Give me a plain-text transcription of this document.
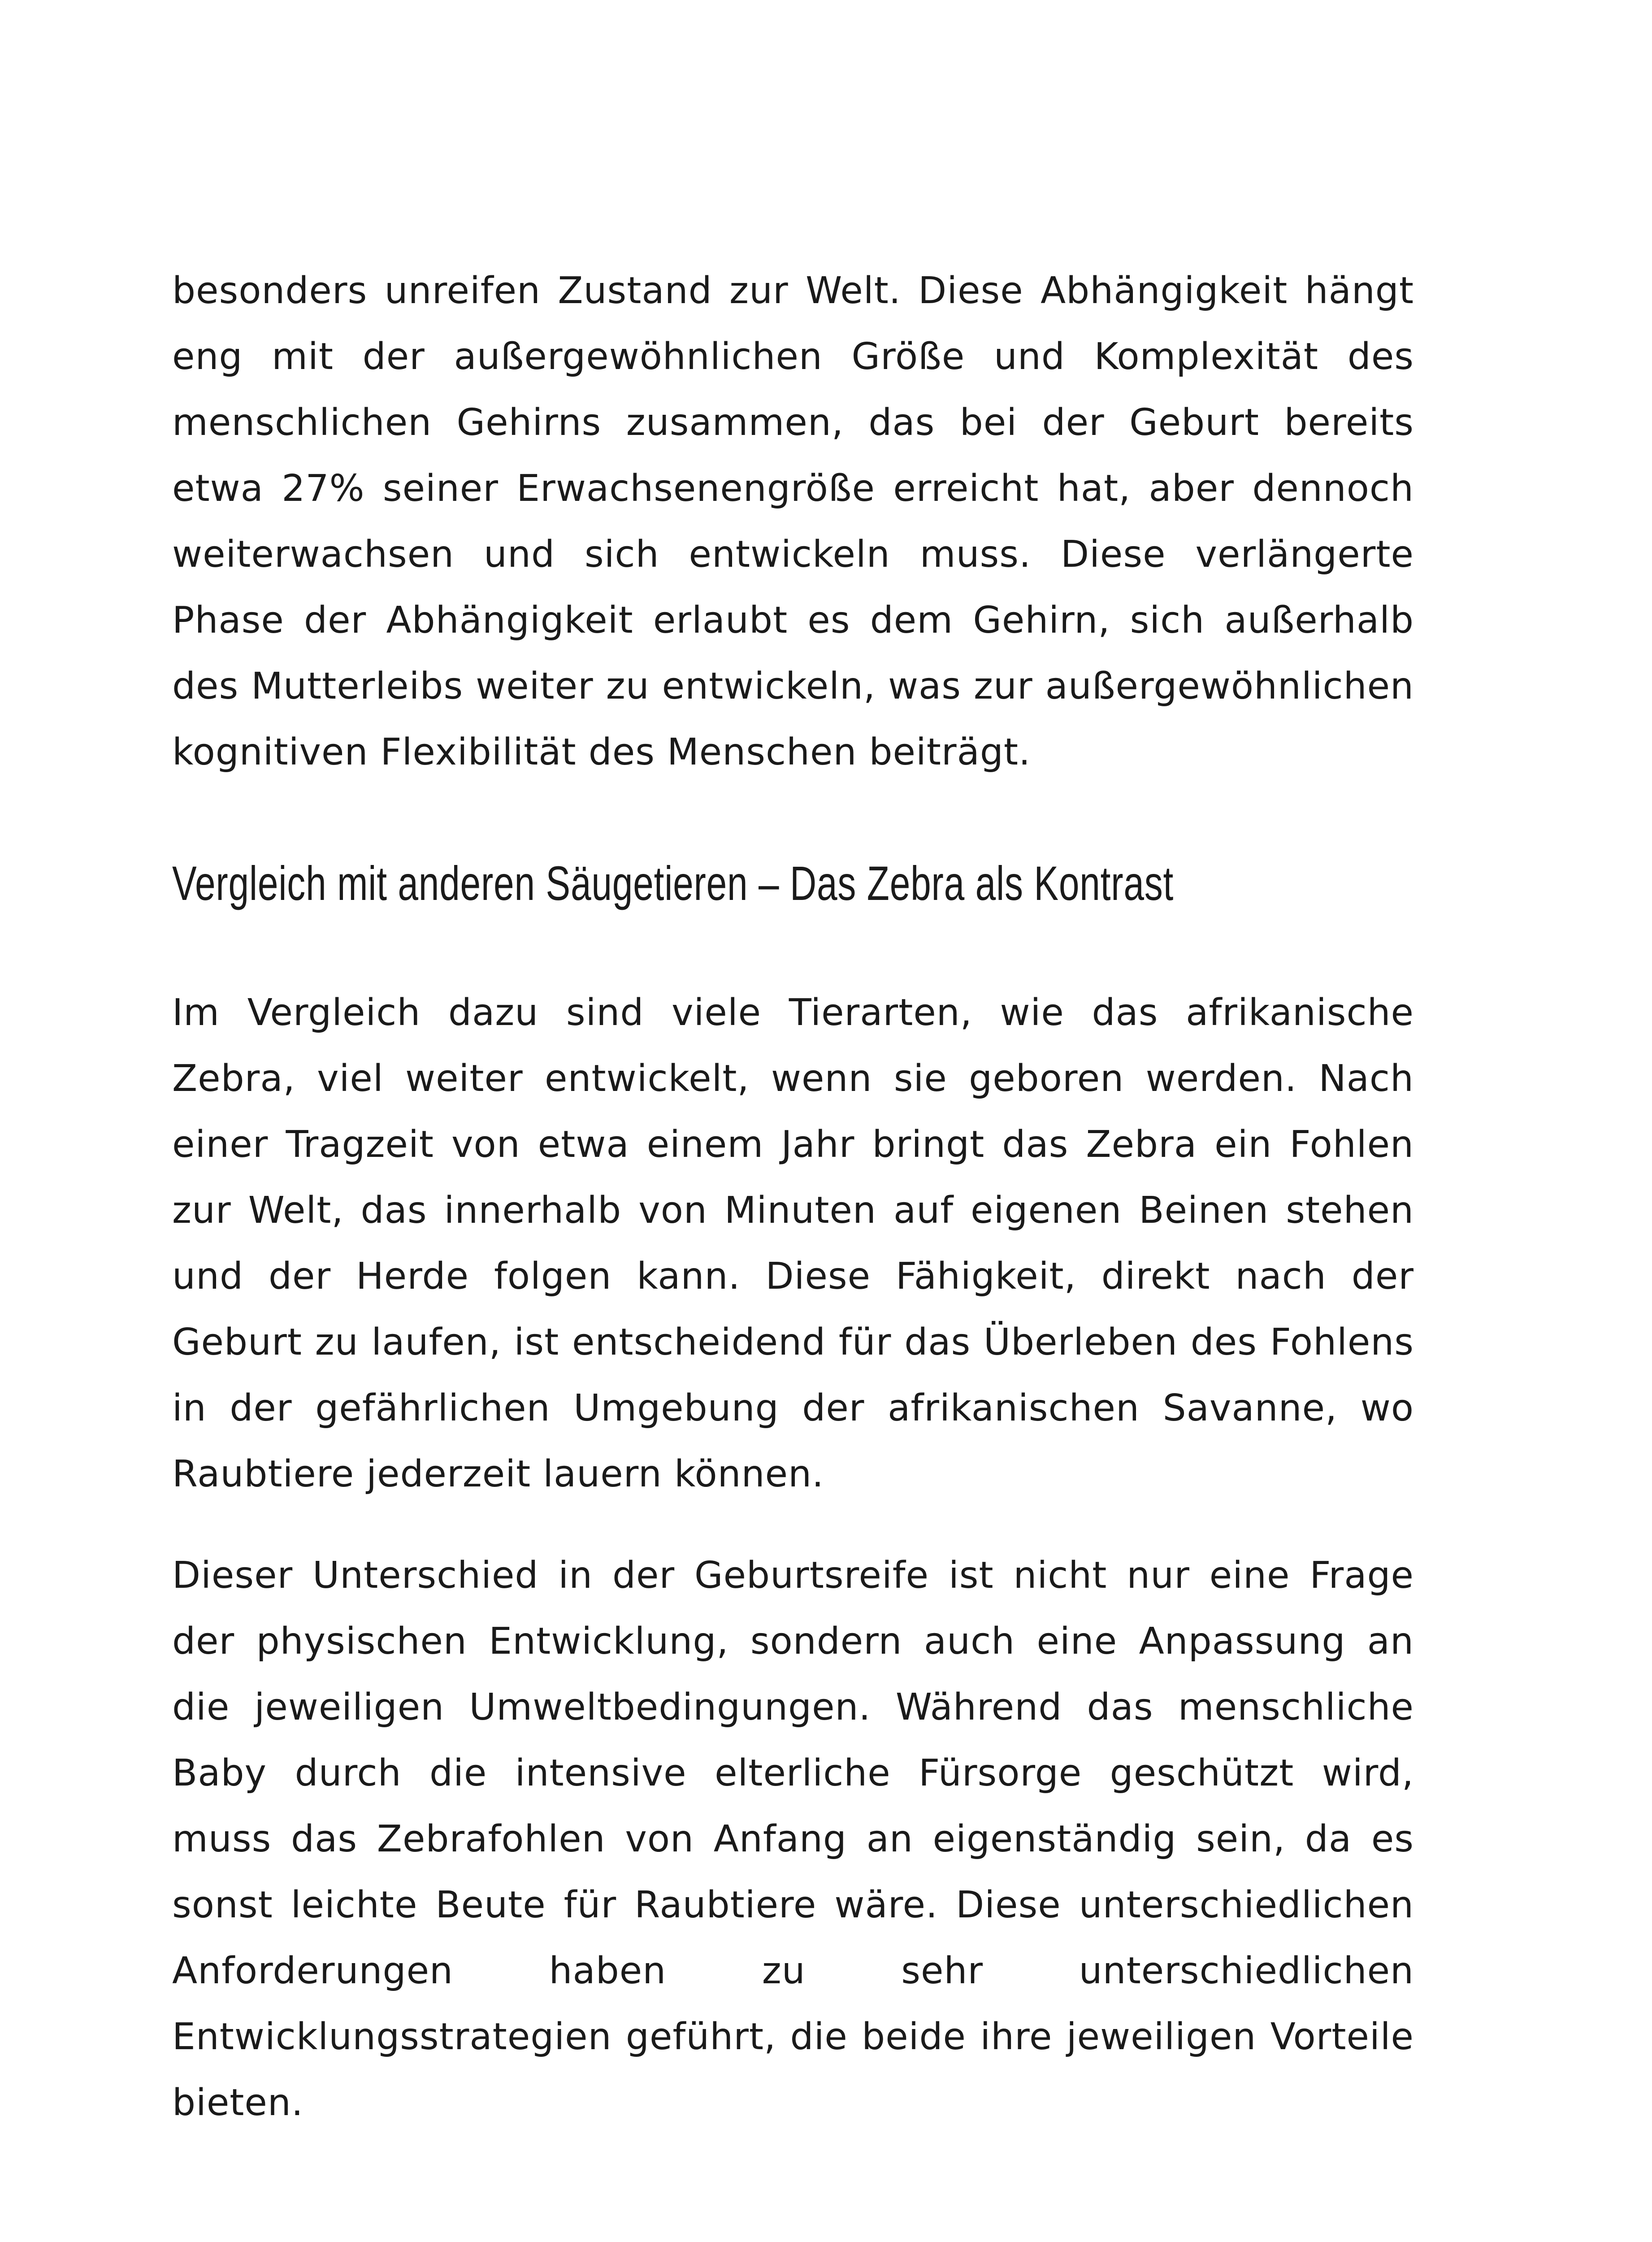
besonders unreifen Zustand zur Welt. Diese Abhängigkeit hängt eng mit der außergewöhnlichen Größe und Komplexität des menschlichen Gehirns zusammen, das bei der Geburt bereits etwa 27% seiner Erwachsenengröße erreicht hat, aber dennoch weiterwachsen und sich entwickeln muss. Diese verlängerte Phase der Abhängigkeit erlaubt es dem Gehirn, sich außerhalb des Mutterleibs weiter zu entwickeln, was zur außergewöhnlichen kognitiven Flexibilität des Menschen beiträgt.

Vergleich mit anderen Säugetieren – Das Zebra als Kontrast

Im Vergleich dazu sind viele Tierarten, wie das afrikanische Zebra, viel weiter entwickelt, wenn sie geboren werden. Nach einer Tragzeit von etwa einem Jahr bringt das Zebra ein Fohlen zur Welt, das innerhalb von Minuten auf eigenen Beinen stehen und der Herde folgen kann. Diese Fähigkeit, direkt nach der Geburt zu laufen, ist entscheidend für das Überleben des Fohlens in der gefährlichen Umgebung der afrikanischen Savanne, wo Raubtiere jederzeit lauern können.

Dieser Unterschied in der Geburtsreife ist nicht nur eine Frage der physischen Entwicklung, sondern auch eine Anpassung an die jeweiligen Umweltbedingungen. Während das menschliche Baby durch die intensive elterliche Fürsorge geschützt wird, muss das Zebrafohlen von Anfang an eigenständig sein, da es sonst leichte Beute für Raubtiere wäre. Diese unterschiedlichen Anforderungen haben zu sehr unterschiedlichen Entwicklungsstrategien geführt, die beide ihre jeweiligen Vorteile bieten.
